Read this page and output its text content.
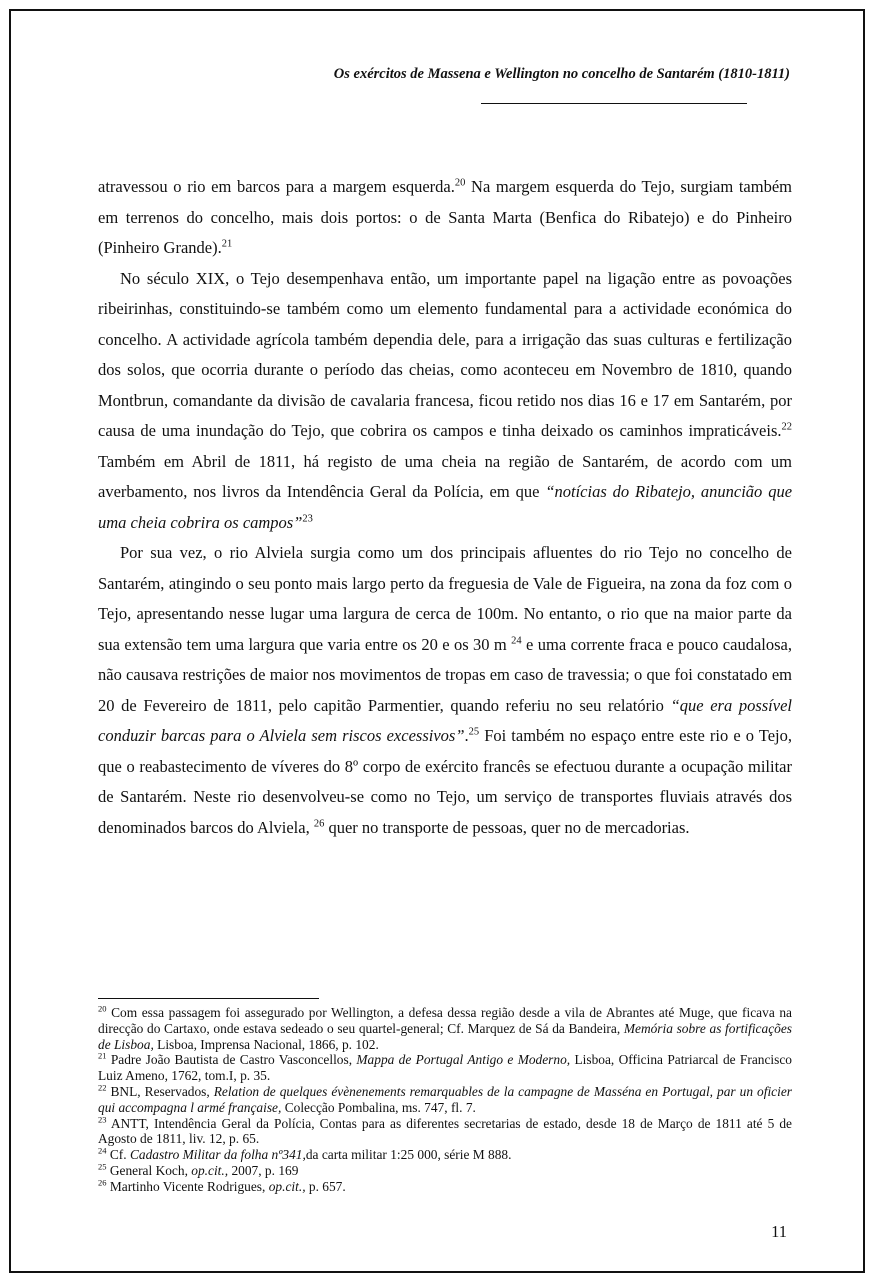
Os exércitos de Massena e Wellington no concelho de Santarém (1810-1811)

atravessou o rio em barcos para a margem esquerda.$^{20}$ Na margem esquerda do Tejo, surgiam também em terrenos do concelho, mais dois portos: o de Santa Marta (Benfica do Ribatejo) e do Pinheiro (Pinheiro Grande).$^{21}$

No século XIX, o Tejo desempenhava então, um importante papel na ligação entre as povoações ribeirinhas, constituindo-se também como um elemento fundamental para a actividade económica do concelho. A actividade agrícola também dependia dele, para a irrigação das suas culturas e fertilização dos solos, que ocorria durante o período das cheias, como aconteceu em Novembro de 1810, quando Montbrun, comandante da divisão de cavalaria francesa, ficou retido nos dias 16 e 17 em Santarém, por causa de uma inundação do Tejo, que cobrira os campos e tinha deixado os caminhos impraticáveis.$^{22}$ Também em Abril de 1811, há registo de uma cheia na região de Santarém, de acordo com um averbamento, nos livros da Intendência Geral da Polícia, em que “notícias do Ribatejo, anuncião que uma cheia cobrira os campos”$^{23}$

Por sua vez, o rio Alviela surgia como um dos principais afluentes do rio Tejo no concelho de Santarém, atingindo o seu ponto mais largo perto da freguesia de Vale de Figueira, na zona da foz com o Tejo, apresentando nesse lugar uma largura de cerca de 100m. No entanto, o rio que na maior parte da sua extensão tem uma largura que varia entre os 20 e os 30 m $^{24}$ e uma corrente fraca e pouco caudalosa, não causava restrições de maior nos movimentos de tropas em caso de travessia; o que foi constatado em 20 de Fevereiro de 1811, pelo capitão Parmentier, quando referiu no seu relatório “que era possível conduzir barcas para o Alviela sem riscos excessivos”.$^{25}$ Foi também no espaço entre este rio e o Tejo, que o reabastecimento de víveres do 8º corpo de exército francês se efectuou durante a ocupação militar de Santarém. Neste rio desenvolveu-se como no Tejo, um serviço de transportes fluviais através dos denominados barcos do Alviela, $^{26}$ quer no transporte de pessoas, quer no de mercadorias.

$^{20}$ Com essa passagem foi assegurado por Wellington, a defesa dessa região desde a vila de Abrantes até Muge, que ficava na direcção do Cartaxo, onde estava sedeado o seu quartel-general; Cf. Marquez de Sá da Bandeira, Memória sobre as fortificações de Lisboa, Lisboa, Imprensa Nacional, 1866, p. 102.

$^{21}$ Padre João Bautista de Castro Vasconcellos, Mappa de Portugal Antigo e Moderno, Lisboa, Officina Patriarcal de Francisco Luiz Ameno, 1762, tom.I, p. 35.

$^{22}$ BNL, Reservados, Relation de quelques évènenements remarquables de la campagne de Masséna en Portugal, par un oficier qui accompagna l armé française, Colecção Pombalina, ms. 747, fl. 7.

$^{23}$ ANTT, Intendência Geral da Polícia, Contas para as diferentes secretarias de estado, desde 18 de Março de 1811 até 5 de Agosto de 1811, liv. 12, p. 65.

$^{24}$ Cf. Cadastro Militar da folha nº341,da carta militar 1:25 000, série M 888.

$^{25}$ General Koch, op.cit., 2007, p. 169

$^{26}$ Martinho Vicente Rodrigues, op.cit., p. 657.

11
